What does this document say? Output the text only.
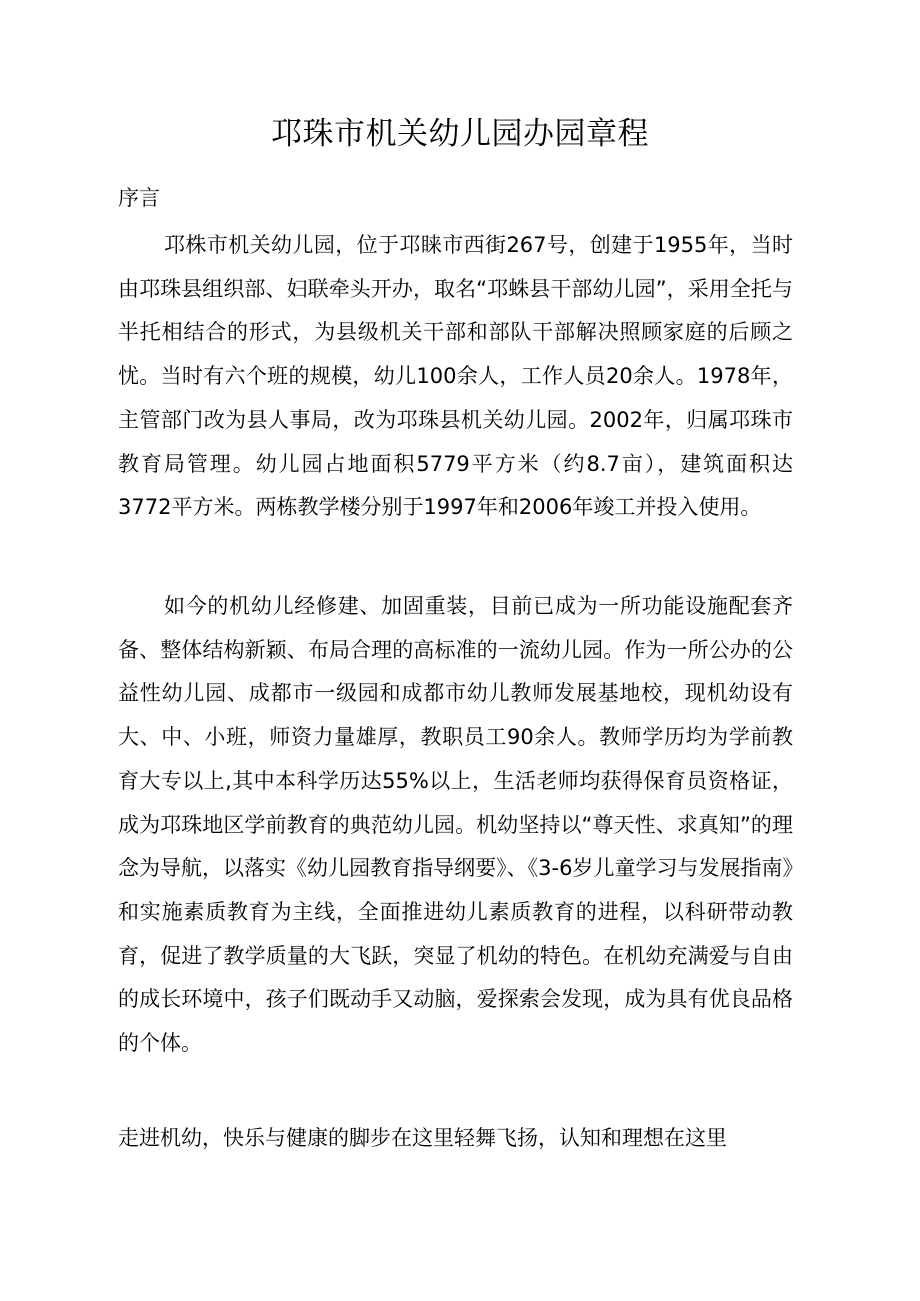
邛珠市机关幼儿园办园章程

序言

邛株市机关幼儿园，位于邛睐市西街267号，创建于1955年，当时由邛珠县组织部、妇联牵头开办，取名“邛蛛县干部幼儿园”，采用全托与半托相结合的形式，为县级机关干部和部队干部解决照顾家庭的后顾之忧。当时有六个班的规模，幼儿100余人，工作人员20余人。1978年，主管部门改为县人事局，改为邛珠县机关幼儿园。2002年，归属邛珠市教育局管理。幼儿园占地面积5779平方米（约8.7亩），建筑面积达3772平方米。两栋教学楼分别于1997年和2006年竣工并投入使用。

如今的机幼儿经修建、加固重装，目前已成为一所功能设施配套齐备、整体结构新颖、布局合理的高标准的一流幼儿园。作为一所公办的公益性幼儿园、成都市一级园和成都市幼儿教师发展基地校，现机幼设有大、中、小班，师资力量雄厚，教职员工90余人。教师学历均为学前教育大专以上,其中本科学历达55%以上，生活老师均获得保育员资格证，成为邛珠地区学前教育的典范幼儿园。机幼坚持以“尊天性、求真知”的理念为导航，以落实《幼儿园教育指导纲要》、《3-6岁儿童学习与发展指南》和实施素质教育为主线，全面推进幼儿素质教育的进程，以科研带动教育，促进了教学质量的大飞跃，突显了机幼的特色。在机幼充满爱与自由的成长环境中，孩子们既动手又动脑，爱探索会发现，成为具有优良品格的个体。

走进机幼，快乐与健康的脚步在这里轻舞飞扬，认知和理想在这里
